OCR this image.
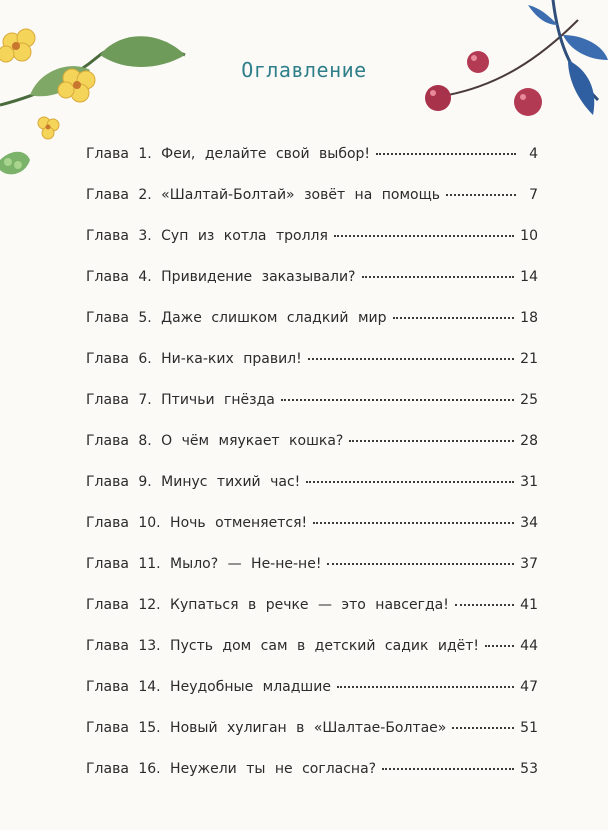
Оглавление
Глава 1. Феи, делайте свой выбор!	4
Глава 2. «Шалтай-Болтай» зовёт на помощь	7
Глава 3. Суп из котла тролля	10
Глава 4. Привидение заказывали?	14
Глава 5. Даже слишком сладкий мир	18
Глава 6. Ни-ка-ких правил!	21
Глава 7. Птичьи гнёзда	25
Глава 8. О чём мяукает кошка?	28
Глава 9. Минус тихий час!	31
Глава 10. Ночь отменяется!	34
Глава 11. Мыло? — Не-не-не!	37
Глава 12. Купаться в речке — это навсегда!	41
Глава 13. Пусть дом сам в детский садик идёт!	44
Глава 14. Неудобные младшие	47
Глава 15. Новый хулиган в «Шалтае-Болтае»	51
Глава 16. Неужели ты не согласна?	53
